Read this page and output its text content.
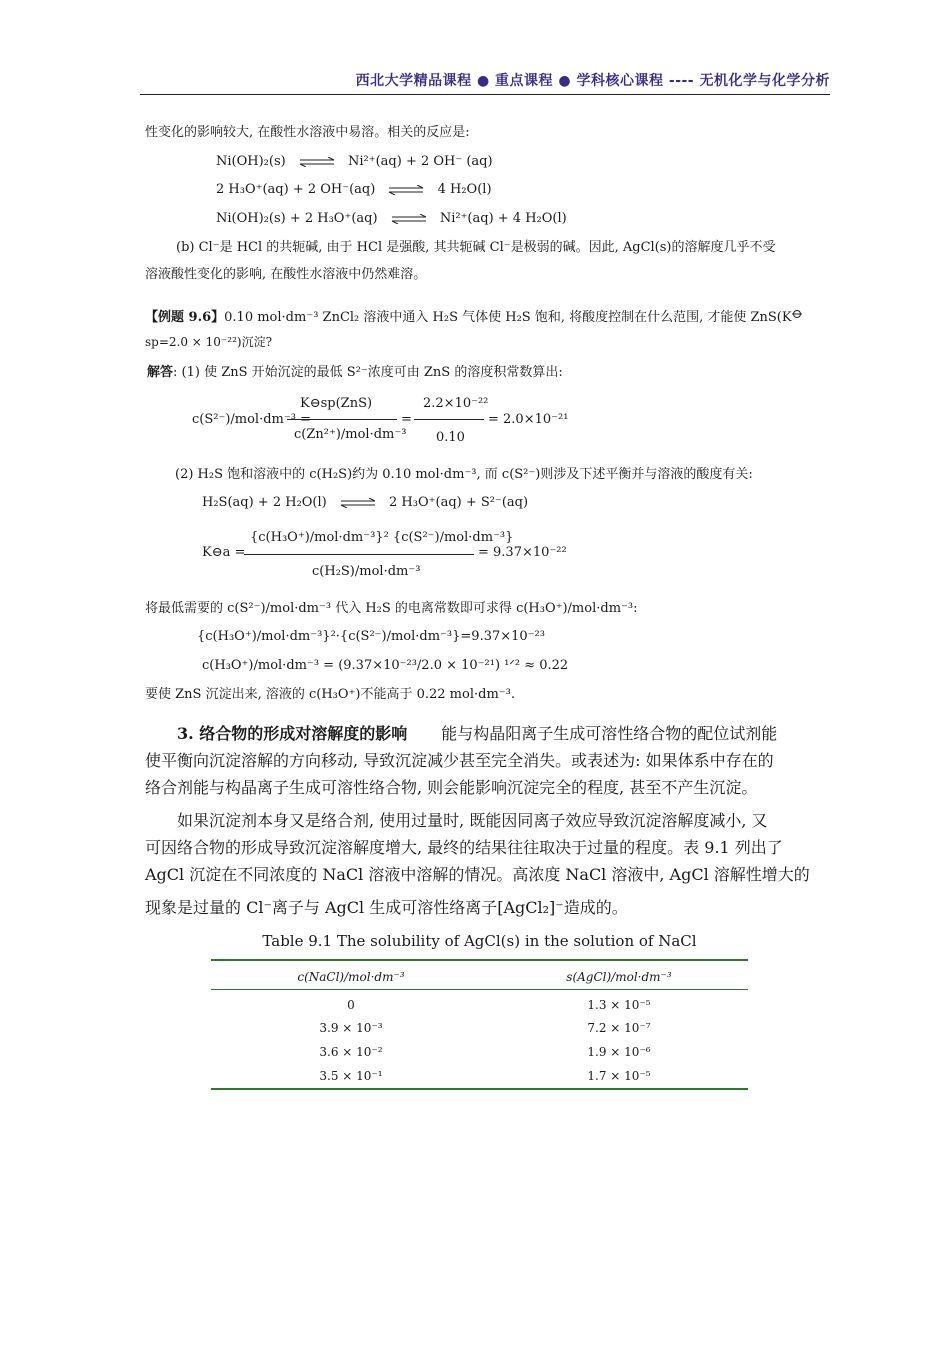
西北大学精品课程 ● 重点课程 ● 学科核心课程 ---- 无机化学与化学分析
性变化的影响较大, 在酸性水溶液中易溶。相关的反应是:
Ni(OH)₂(s) ⇌ Ni²⁺(aq) + 2 OH⁻ (aq)
2 H₃O⁺(aq) + 2 OH⁻(aq) ⇌ 4 H₂O(l)
Ni(OH)₂(s) + 2 H₃O⁺(aq) ⇌ Ni²⁺(aq) + 4 H₂O(l)
(b) Cl⁻是 HCl 的共轭碱, 由于 HCl 是强酸, 其共轭碱 Cl⁻是极弱的碱。因此, AgCl(s)的溶解度几乎不受
溶液酸性变化的影响, 在酸性水溶液中仍然难溶。
【例题 9.6】0.10 mol·dm⁻³ ZnCl₂ 溶液中通入 H₂S 气体使 H₂S 饱和, 将酸度控制在什么范围, 才能使 ZnS(K
sp=2.0 × 10⁻²²)沉淀?
解答: (1) 使 ZnS 开始沉淀的最低 S²⁻浓度可由 ZnS 的溶度积常数算出:
c(S²⁻)/mol·dm⁻³ =
K⊖sp(ZnS)
c(Zn²⁺)/mol·dm⁻³
=
2.2×10⁻²²
0.10
= 2.0×10⁻²¹
(2) H₂S 饱和溶液中的 c(H₂S)约为 0.10 mol·dm⁻³, 而 c(S²⁻)则涉及下述平衡并与溶液的酸度有关:
H₂S(aq) + 2 H₂O(l) ⇌ 2 H₃O⁺(aq) + S²⁻(aq)
K⊖a =
{c(H₃O⁺)/mol·dm⁻³}² {c(S²⁻)/mol·dm⁻³}
c(H₂S)/mol·dm⁻³
= 9.37×10⁻²²
将最低需要的 c(S²⁻)/mol·dm⁻³ 代入 H₂S 的电离常数即可求得 c(H₃O⁺)/mol·dm⁻³:
{c(H₃O⁺)/mol·dm⁻³}²·{c(S²⁻)/mol·dm⁻³}=9.37×10⁻²³
c(H₃O⁺)/mol·dm⁻³ = (9.37×10⁻²³/2.0 × 10⁻²¹) ¹ᐟ² ≈ 0.22
要使 ZnS 沉淀出来, 溶液的 c(H₃O⁺)不能高于 0.22 mol·dm⁻³.
3. 络合物的形成对溶解度的影响 能与构晶阳离子生成可溶性络合物的配位试剂能
使平衡向沉淀溶解的方向移动, 导致沉淀减少甚至完全消失。或表述为: 如果体系中存在的
络合剂能与构晶离子生成可溶性络合物, 则会能影响沉淀完全的程度, 甚至不产生沉淀。
如果沉淀剂本身又是络合剂, 使用过量时, 既能因同离子效应导致沉淀溶解度减小, 又
可因络合物的形成导致沉淀溶解度增大, 最终的结果往往取决于过量的程度。表 9.1 列出了
AgCl 沉淀在不同浓度的 NaCl 溶液中溶解的情况。高浓度 NaCl 溶液中, AgCl 溶解性增大的
现象是过量的 Cl⁻离子与 AgCl 生成可溶性络离子[AgCl₂]⁻造成的。
Table 9.1 The solubility of AgCl(s) in the solution of NaCl
c(NaCl)/mol·dm⁻³	s(AgCl)/mol·dm⁻³
0	1.3 × 10⁻⁵
3.9 × 10⁻³	7.2 × 10⁻⁷
3.6 × 10⁻²	1.9 × 10⁻⁶
3.5 × 10⁻¹	1.7 × 10⁻⁵
